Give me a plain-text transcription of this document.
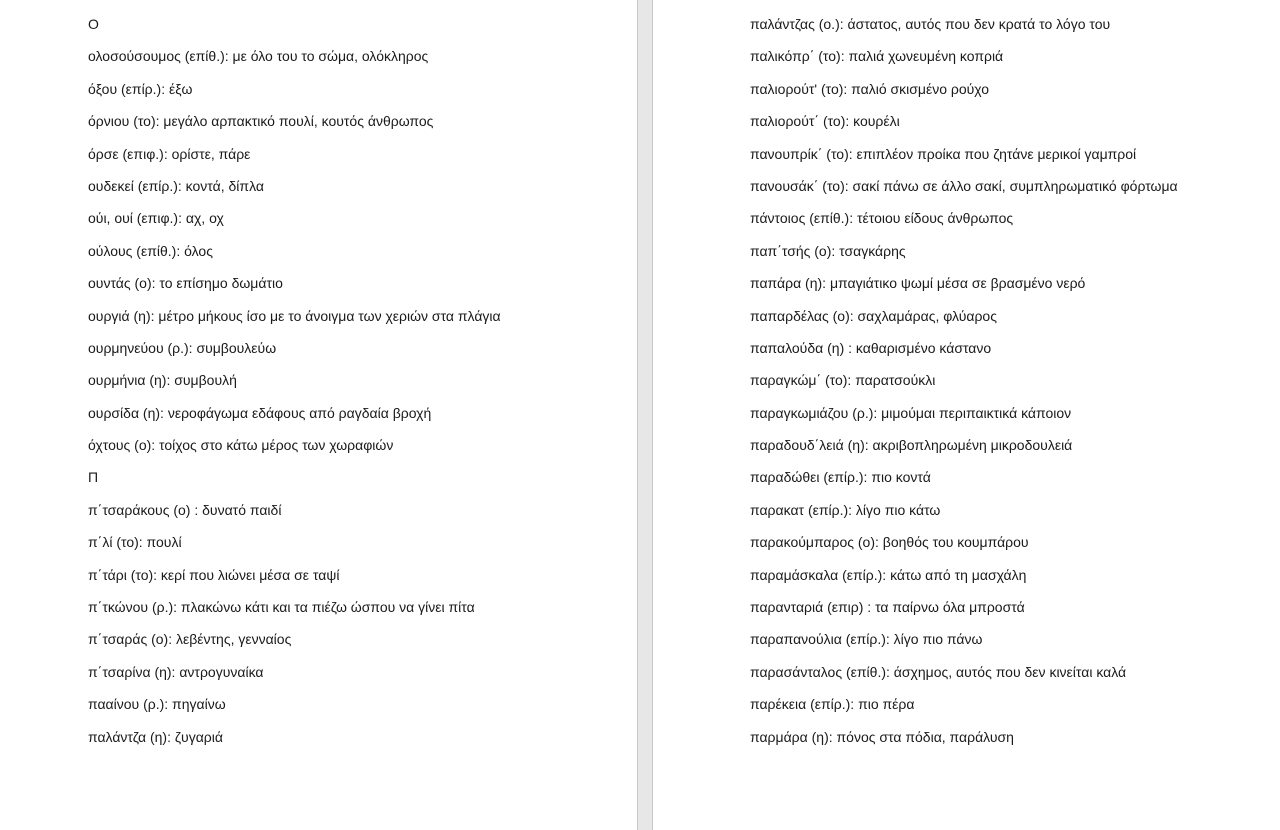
Ο
ολοσούσουμος (επίθ.): με όλο του το σώμα, ολόκληρος
όξου (επίρ.): έξω
όρνιου (το): μεγάλο αρπακτικό πουλί, κουτός άνθρωπος
όρσε (επιφ.): ορίστε, πάρε
ουδεκεί (επίρ.): κοντά, δίπλα
ούι, ουί (επιφ.): αχ, οχ
ούλους (επίθ.): όλος
ουντάς (ο): το επίσημο δωμάτιο
ουργιά (η): μέτρο μήκους ίσο με το άνοιγμα των χεριών στα πλάγια
ουρμηνεύου (ρ.): συμβουλεύω
ουρμήνια (η): συμβουλή
ουρσίδα (η): νεροφάγωμα εδάφους από ραγδαία βροχή
όχτους (ο): τοίχος στο κάτω μέρος των χωραφιών
Π
π΄τσαράκους (ο) : δυνατό παιδί
π΄λί (το): πουλί
π΄τάρι (το): κερί που λιώνει μέσα σε ταψί
π΄τκώνου (ρ.): πλακώνω κάτι και τα πιέζω ώσπου να γίνει πίτα
π΄τσαράς (ο): λεβέντης, γενναίος
π΄τσαρίνα (η): αντρογυναίκα
πααίνου (ρ.): πηγαίνω
παλάντζα (η): ζυγαριά
παλάντζας (ο.): άστατος, αυτός που δεν κρατά το λόγο του
παλικόπρ΄ (το): παλιά χωνευμένη κοπριά
παλιορούτ' (το): παλιό σκισμένο ρούχο
παλιορούτ΄ (το): κουρέλι
πανουπρίκ΄ (το): επιπλέον προίκα που ζητάνε μερικοί γαμπροί
πανουσάκ΄ (το): σακί πάνω σε άλλο σακί, συμπληρωματικό φόρτωμα
πάντοιος (επίθ.): τέτοιου είδους άνθρωπος
παπ΄τσής (ο): τσαγκάρης
παπάρα (η): μπαγιάτικο ψωμί μέσα σε βρασμένο νερό
παπαρδέλας (ο): σαχλαμάρας, φλύαρος
παπαλούδα (η) : καθαρισμένο κάστανο
παραγκώμ΄ (το): παρατσούκλι
παραγκωμιάζου (ρ.): μιμούμαι περιπαικτικά κάποιον
παραδουδ΄λειά (η): ακριβοπληρωμένη μικροδουλειά
παραδώθει (επίρ.): πιο κοντά
παρακατ (επίρ.): λίγο πιο κάτω
παρακούμπαρος (ο): βοηθός του κουμπάρου
παραμάσκαλα (επίρ.): κάτω από τη μασχάλη
παρανταριά (επιρ) : τα παίρνω όλα μπροστά
παραπανούλια (επίρ.): λίγο πιο πάνω
παρασάνταλος (επίθ.): άσχημος, αυτός που δεν κινείται καλά
παρέκεια (επίρ.): πιο πέρα
παρμάρα (η): πόνος στα πόδια, παράλυση
